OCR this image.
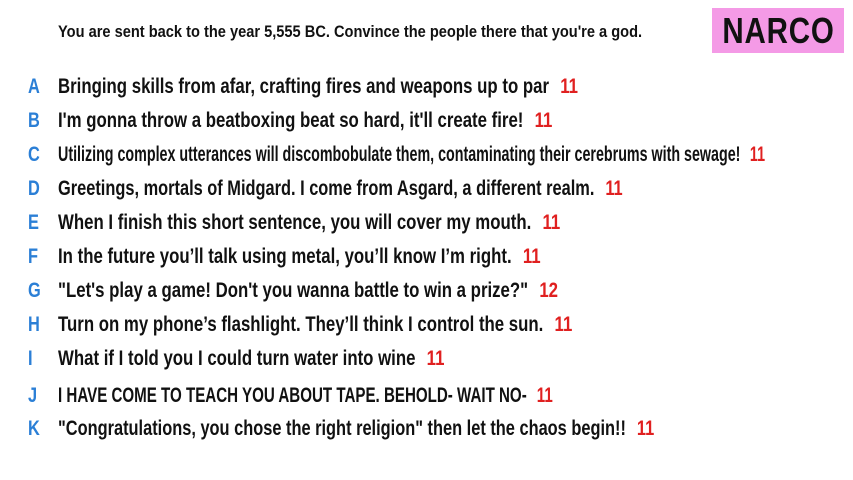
You are sent back to the year 5,555 BC. Convince the people there that you're a god. NARCO
A Bringing skills from afar, crafting fires and weapons up to par 11
B I'm gonna throw a beatboxing beat so hard, it'll create fire! 11
C Utilizing complex utterances will discombobulate them, contaminating their cerebrums with sewage! 11
D Greetings, mortals of Midgard. I come from Asgard, a different realm. 11
E When I finish this short sentence, you will cover my mouth. 11
F In the future you’ll talk using metal, you’ll know I’m right. 11
G "Let's play a game! Don't you wanna battle to win a prize?" 12
H Turn on my phone’s flashlight. They’ll think I control the sun. 11
I	What if I told you I could turn water into wine 11
J I HAVE COME TO TEACH YOU ABOUT TAPE. BEHOLD- WAIT NO- 11
K "Congratulations, you chose the right religion" then let the chaos begin!! 11
